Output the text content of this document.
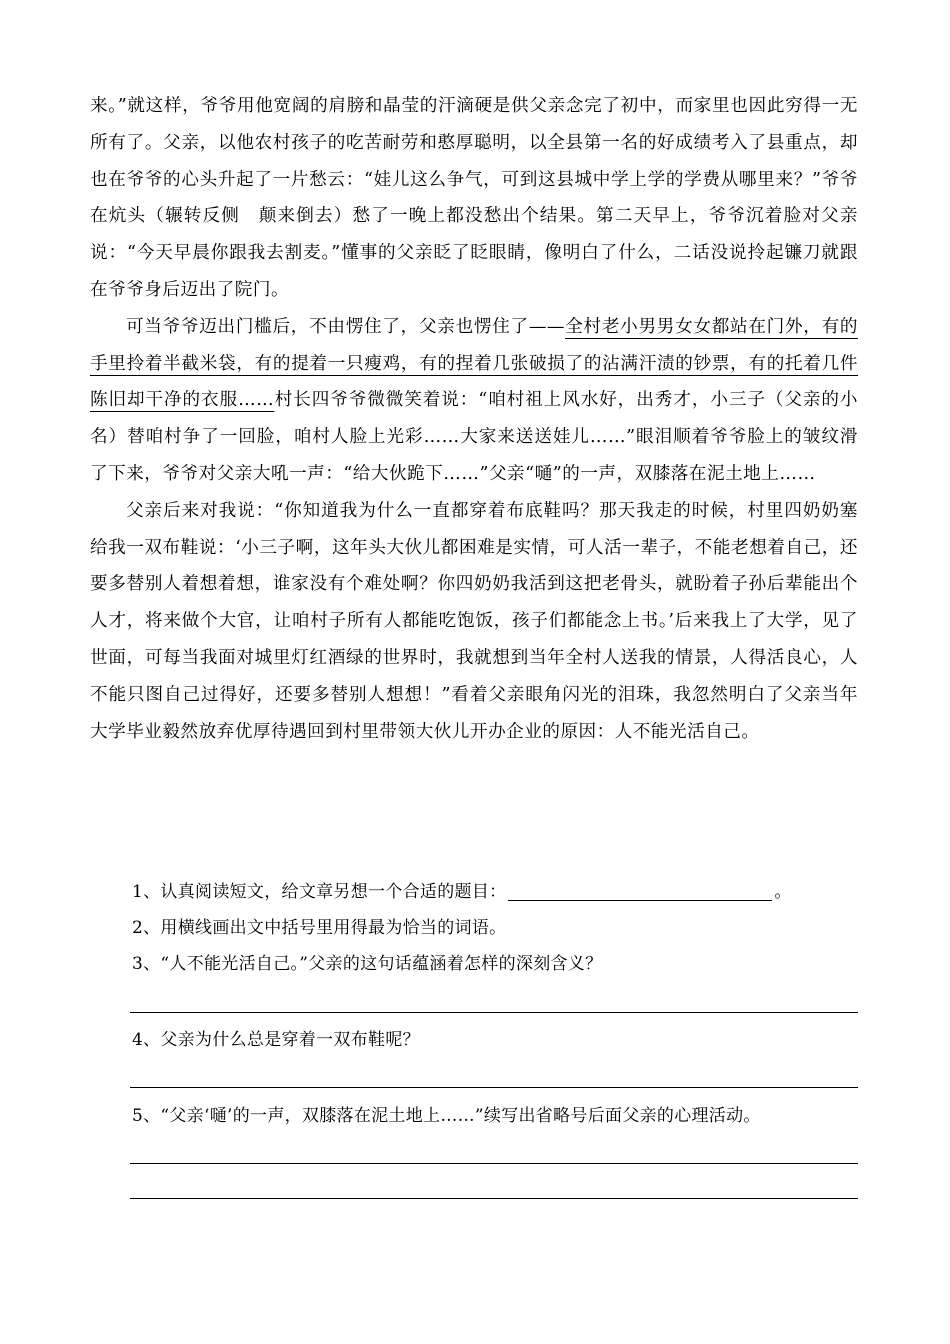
来。”就这样，爷爷用他宽阔的肩膀和晶莹的汗滴硬是供父亲念完了初中，而家里也因此穷得一无所有了。父亲，以他农村孩子的吃苦耐劳和憨厚聪明，以全县第一名的好成绩考入了县重点，却也在爷爷的心头升起了一片愁云：“娃儿这么争气，可到这县城中学上学的学费从哪里来？”爷爷在炕头（辗转反侧　颠来倒去）愁了一晚上都没愁出个结果。第二天早上，爷爷沉着脸对父亲说：“今天早晨你跟我去割麦。”懂事的父亲眨了眨眼睛，像明白了什么，二话没说拎起镰刀就跟在爷爷身后迈出了院门。

可当爷爷迈出门槛后，不由愣住了，父亲也愣住了——全村老小男男女女都站在门外，有的手里拎着半截米袋，有的提着一只瘦鸡，有的捏着几张破损了的沾满汗渍的钞票，有的托着几件陈旧却干净的衣服……村长四爷爷微微笑着说：“咱村祖上风水好，出秀才，小三子（父亲的小名）替咱村争了一回脸，咱村人脸上光彩……大家来送送娃儿……”眼泪顺着爷爷脸上的皱纹滑了下来，爷爷对父亲大吼一声：“给大伙跪下……”父亲“嗵”的一声，双膝落在泥土地上……

父亲后来对我说：“你知道我为什么一直都穿着布底鞋吗？那天我走的时候，村里四奶奶塞给我一双布鞋说：‘小三子啊，这年头大伙儿都困难是实情，可人活一辈子，不能老想着自己，还要多替别人着想着想，谁家没有个难处啊？你四奶奶我活到这把老骨头，就盼着子孙后辈能出个人才，将来做个大官，让咱村子所有人都能吃饱饭，孩子们都能念上书。’后来我上了大学，见了世面，可每当我面对城里灯红酒绿的世界时，我就想到当年全村人送我的情景，人得活良心，人不能只图自己过得好，还要多替别人想想！”看着父亲眼角闪光的泪珠，我忽然明白了父亲当年大学毕业毅然放弃优厚待遇回到村里带领大伙儿开办企业的原因：人不能光活自己。

1、认真阅读短文，给文章另想一个合适的题目：	。

2、用横线画出文中括号里用得最为恰当的词语。

3、“人不能光活自己。”父亲的这句话蕴涵着怎样的深刻含义？

4、父亲为什么总是穿着一双布鞋呢？

5、“父亲‘嗵’的一声，双膝落在泥土地上……”续写出省略号后面父亲的心理活动。
